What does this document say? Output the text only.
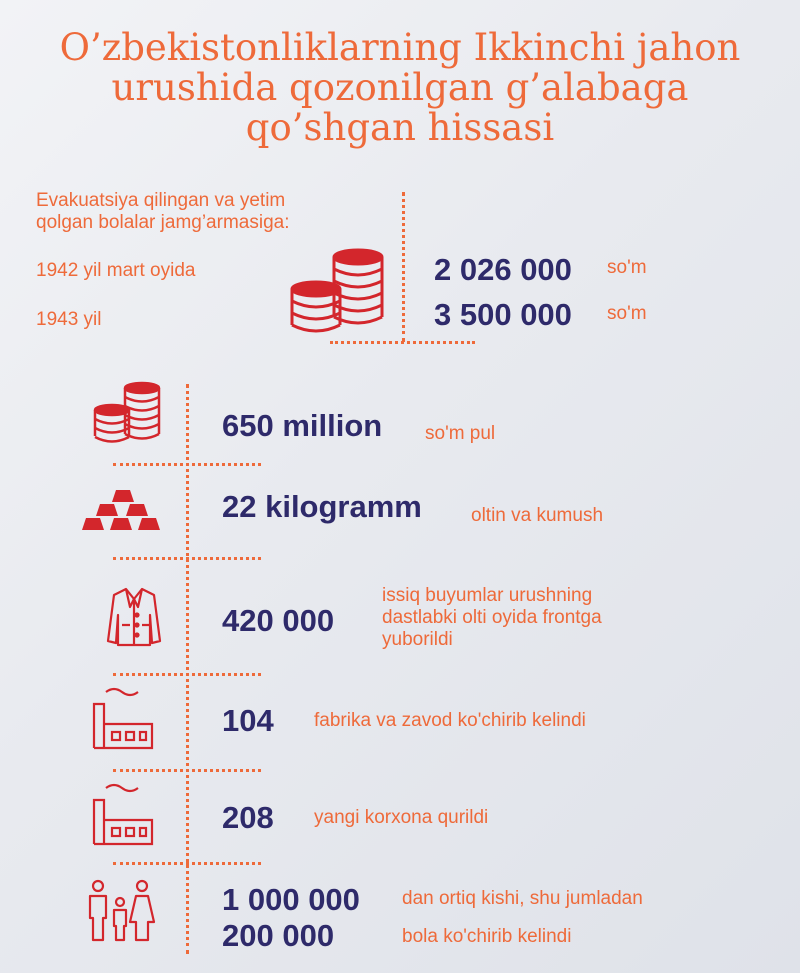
O’zbekistonliklarning Ikkinchi jahon
urushida qozonilgan g’alabaga
qo’shgan hissasi
Evakuatsiya qilingan va yetim
qolgan bolalar jamg’armasiga:
1942 yil mart oyida
1943 yil
2 026 000 so'm
3 500 000 so'm
650 million so'm pul
22 kilogramm	oltin va kumush
420 000
issiq buyumlar urushning
dastlabki olti oyida frontga
yuborildi
104 fabrika va zavod ko'chirib kelindi
208 yangi korxona qurildi
1 000 000
200 000
dan ortiq kishi, shu jumladan
bola ko'chirib kelindi
